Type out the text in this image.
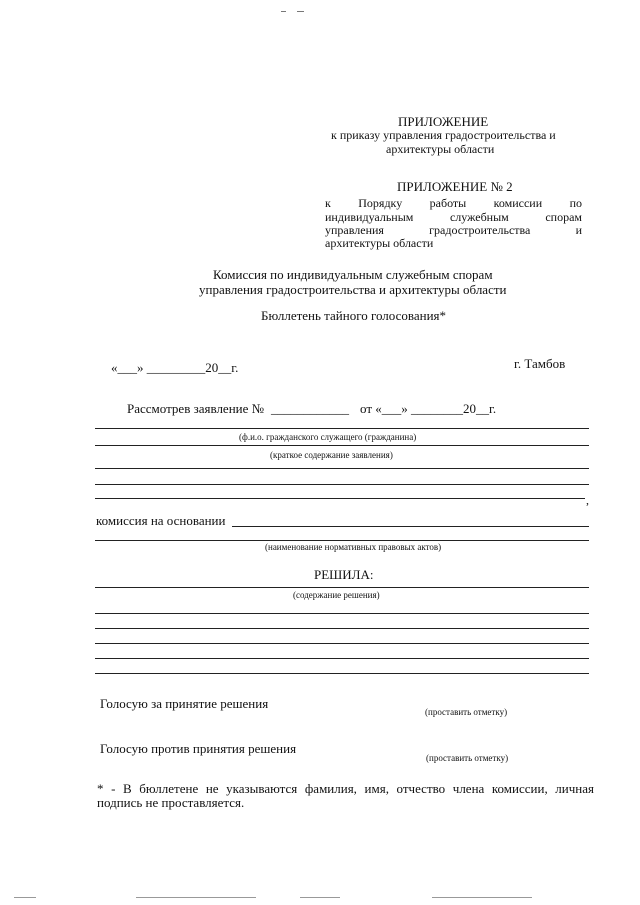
ПРИЛОЖЕНИЕ
к приказу управления градостроительства и
архитектуры области
ПРИЛОЖЕНИЕ № 2
к Порядку работы комиссии по
индивидуальным служебным спорам
управления градостроительства и
архитектуры области
Комиссия по индивидуальным служебным спорам
управления градостроительства и архитектуры области
Бюллетень тайного голосования*
«___» _________20__г.	г. Тамбов
Рассмотрев заявление № ____________ от «___» ________20__г.
(ф.и.о. гражданского служащего (гражданина)
(краткое содержание заявления)
,
комиссия на основании
(наименование нормативных правовых актов)
РЕШИЛА:
(содержание решения)
Голосую за принятие решения
(проставить отметку)
Голосую против принятия решения
(проставить отметку)
* - В бюллетене не указываются фамилия, имя, отчество члена комиссии, личная
подпись не проставляется.
